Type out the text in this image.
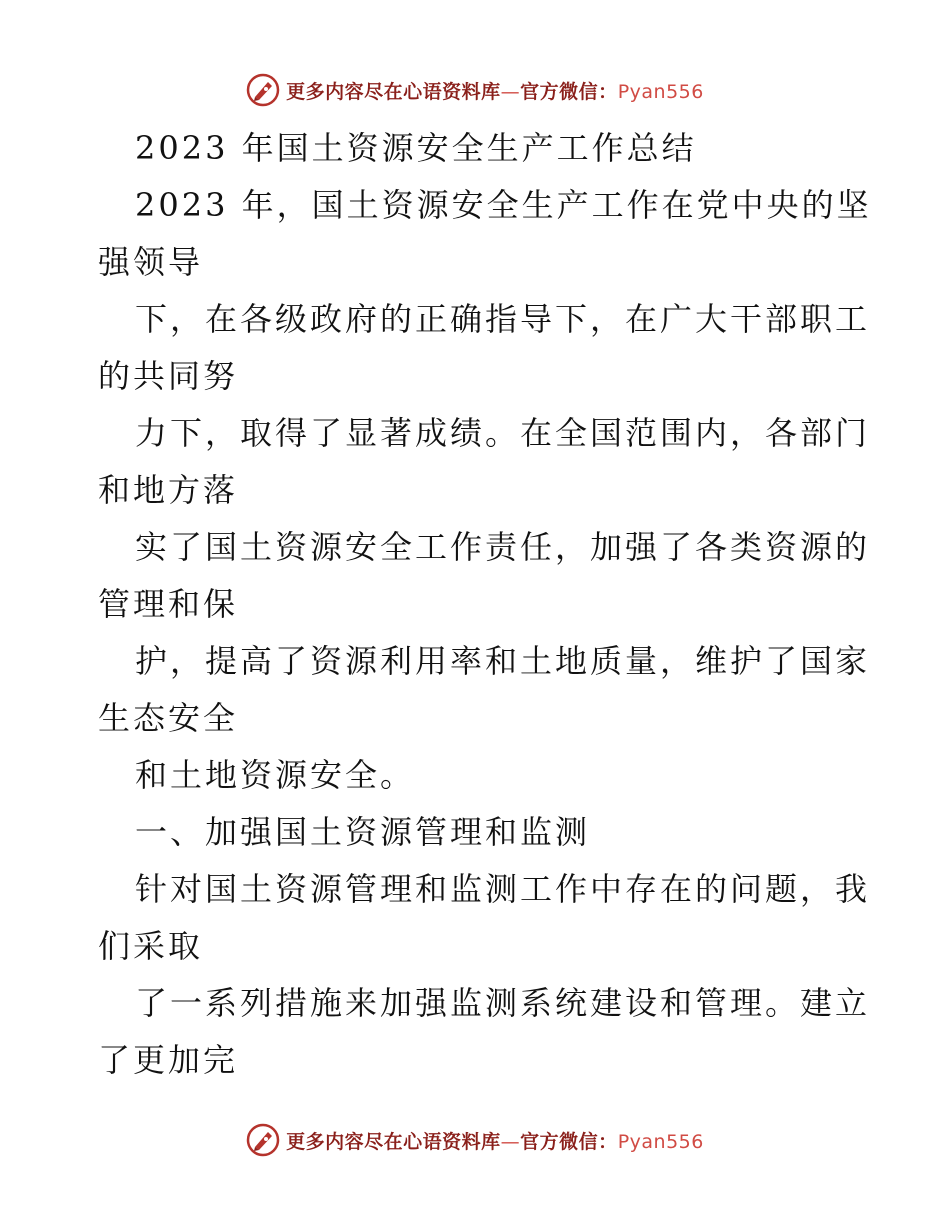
更多内容尽在心语资料库—官方微信：Pyan556
2023 年国土资源安全生产工作总结
2023 年，国土资源安全生产工作在党中央的坚
强领导
下，在各级政府的正确指导下，在广大干部职工
的共同努
力下，取得了显著成绩。在全国范围内，各部门
和地方落
实了国土资源安全工作责任，加强了各类资源的
管理和保
护，提高了资源利用率和土地质量，维护了国家
生态安全
和土地资源安全。
一、加强国土资源管理和监测
针对国土资源管理和监测工作中存在的问题，我
们采取
了一系列措施来加强监测系统建设和管理。建立
了更加完
更多内容尽在心语资料库—官方微信：Pyan556
